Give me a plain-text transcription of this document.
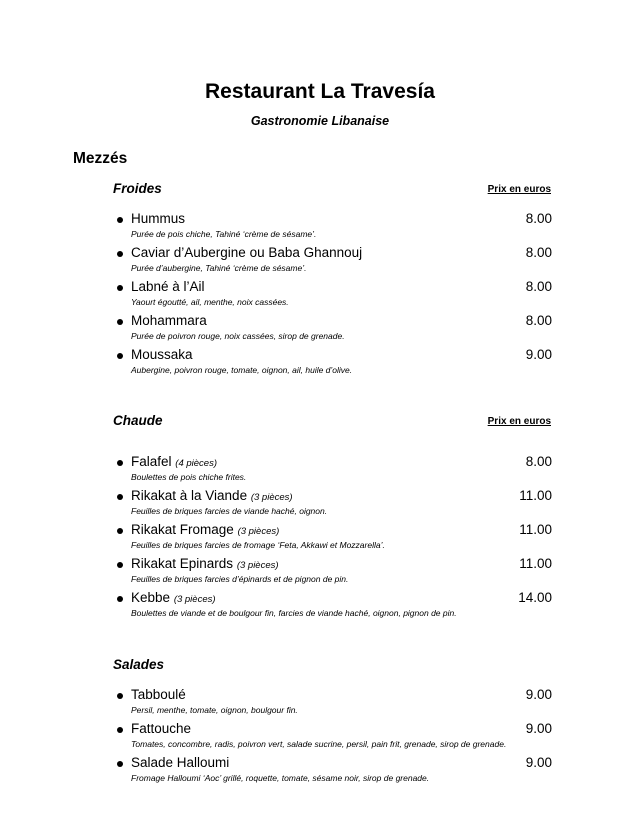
Restaurant La Travesía
Gastronomie Libanaise
Mezzés
Froides	Prix en euros
Hummus	8.00
Purée de pois chiche, Tahiné ‘crème de sésame’.
Caviar d’Aubergine ou Baba Ghannouj	8.00
Purée d’aubergine, Tahiné ‘crème de sésame’.
Labné à l’Ail	8.00
Yaourt égoutté, ail, menthe, noix cassées.
Mohammara	8.00
Purée de poivron rouge, noix cassées, sirop de grenade.
Moussaka	9.00
Aubergine, poivron rouge, tomate, oignon, ail, huile d’olive.
Chaude	Prix en euros
Falafel (4 pièces)	8.00
Boulettes de pois chiche frites.
Rikakat à la Viande (3 pièces)	11.00
Feuilles de briques farcies de viande haché, oignon.
Rikakat Fromage (3 pièces)	11.00
Feuilles de briques farcies de fromage ‘Feta, Akkawi et Mozzarella’.
Rikakat Epinards (3 pièces)	11.00
Feuilles de briques farcies d’épinards et de pignon de pin.
Kebbe (3 pièces)	14.00
Boulettes de viande et de boulgour fin, farcies de viande haché, oignon, pignon de pin.
Salades
Tabboulé	9.00
Persil, menthe, tomate, oignon, boulgour fin.
Fattouche	9.00
Tomates, concombre, radis, poivron vert, salade sucrine, persil, pain frit, grenade, sirop de grenade.
Salade Halloumi	9.00
Fromage Halloumi ‘Aoc’ grillé, roquette, tomate, sésame noir, sirop de grenade.
